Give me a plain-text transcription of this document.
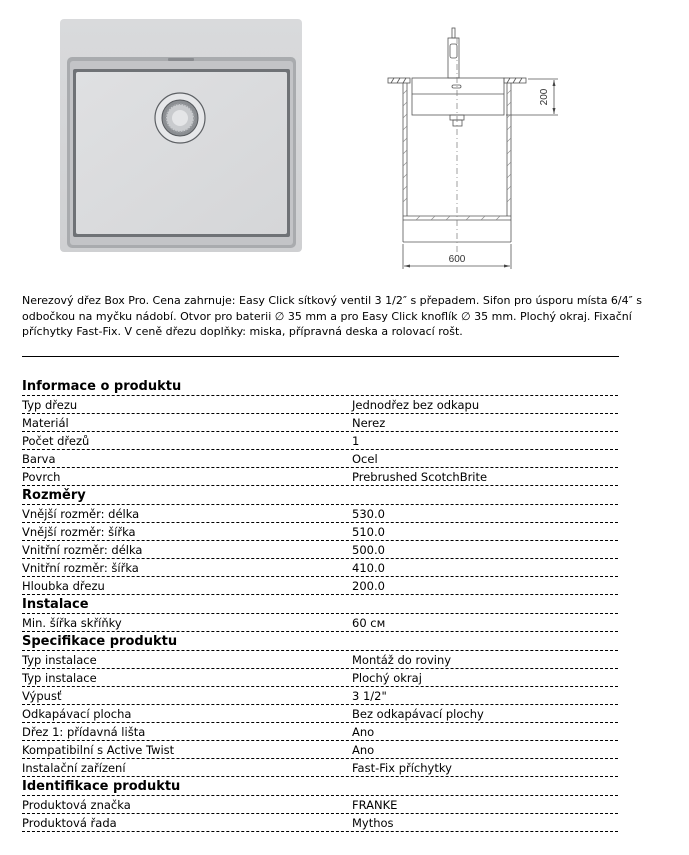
600
200

Nerezový dřez Box Pro. Cena zahrnuje: Easy Click sítkový ventil 3 1/2″ s přepadem. Sifon pro úsporu místa 6/4″ s
odbočkou na myčku nádobí. Otvor pro baterii ∅ 35 mm a pro Easy Click knoflík ∅ 35 mm. Plochý okraj. Fixační
příchytky Fast-Fix. V ceně dřezu doplňky: miska, přípravná deska a rolovací rošt.

Informace o produktu
Typ dřezu	Jednodřez bez odkapu
Materiál	Nerez
Počet dřezů	1
Barva	Ocel
Povrch	Prebrushed ScotchBrite
Rozměry
Vnější rozměr: délka	530.0
Vnější rozměr: šířka	510.0
Vnitřní rozměr: délka	500.0
Vnitřní rozměr: šířka	410.0
Hloubka dřezu	200.0
Instalace
Min. šířka skříňky	60 см
Specifikace produktu
Typ instalace	Montáž do roviny
Typ instalace	Plochý okraj
Výpusť	3 1/2"
Odkapávací plocha	Bez odkapávací plochy
Dřez 1: přídavná lišta	Ano
Kompatibilní s Active Twist	Ano
Instalační zařízení	Fast-Fix příchytky
Identifikace produktu
Produktová značka	FRANKE
Produktová řada	Mythos
